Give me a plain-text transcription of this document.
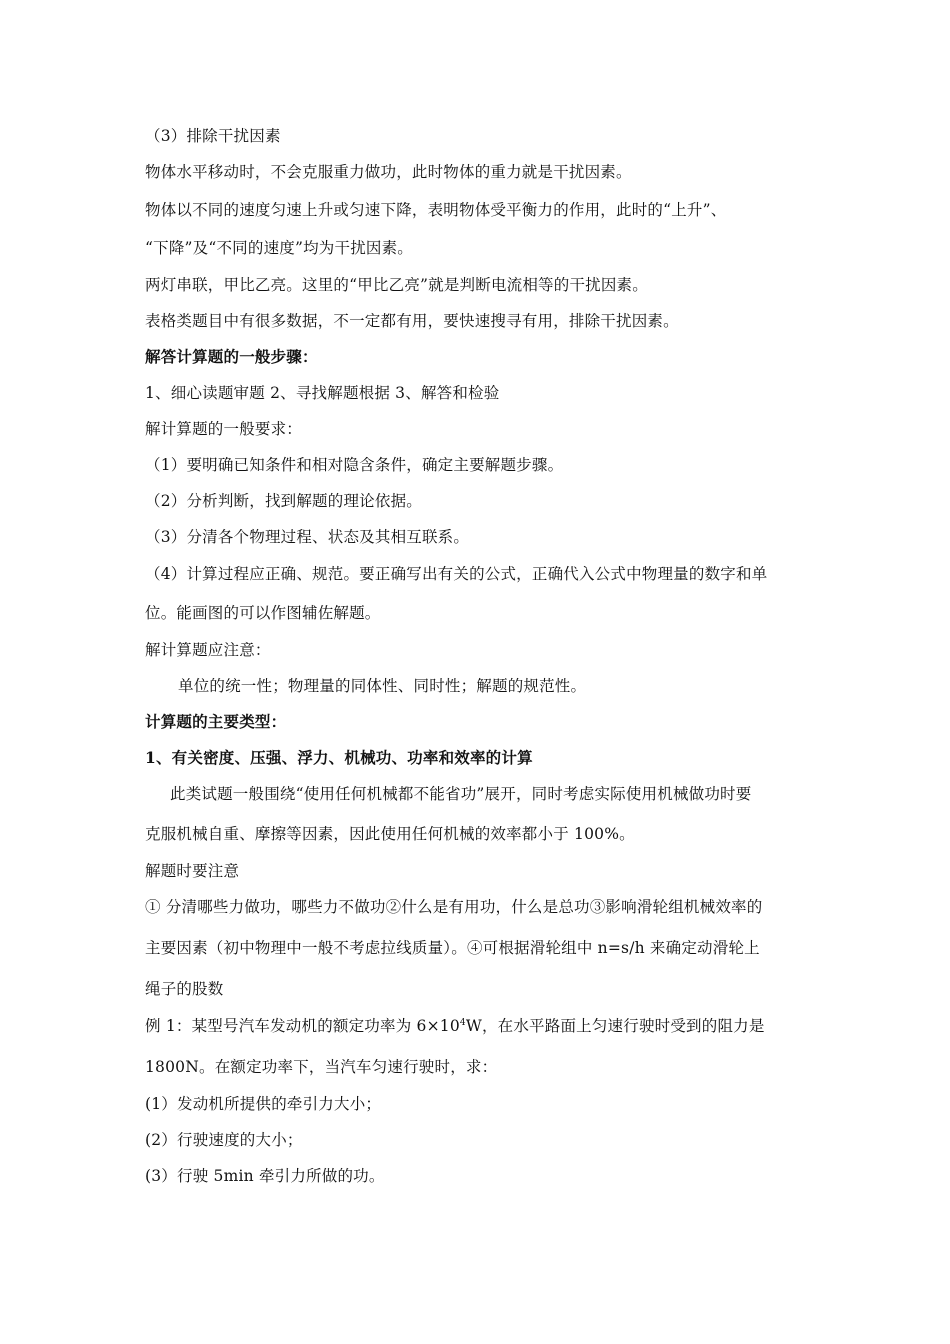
（3）排除干扰因素
物体水平移动时，不会克服重力做功，此时物体的重力就是干扰因素。
物体以不同的速度匀速上升或匀速下降，表明物体受平衡力的作用，此时的“上升”、
“下降”及“不同的速度”均为干扰因素。
两灯串联，甲比乙亮。这里的“甲比乙亮”就是判断电流相等的干扰因素。
表格类题目中有很多数据，不一定都有用，要快速搜寻有用，排除干扰因素。
解答计算题的一般步骤：
1、细心读题审题 2、寻找解题根据 3、解答和检验
解计算题的一般要求：
（1）要明确已知条件和相对隐含条件，确定主要解题步骤。
（2）分析判断，找到解题的理论依据。
（3）分清各个物理过程、状态及其相互联系。
（4）计算过程应正确、规范。要正确写出有关的公式，正确代入公式中物理量的数字和单
位。能画图的可以作图辅佐解题。
解计算题应注意：
单位的统一性；物理量的同体性、同时性；解题的规范性。
计算题的主要类型：
1、有关密度、压强、浮力、机械功、功率和效率的计算
此类试题一般围绕“使用任何机械都不能省功”展开，同时考虑实际使用机械做功时要
克服机械自重、摩擦等因素，因此使用任何机械的效率都小于 100%。
解题时要注意
① 分清哪些力做功，哪些力不做功②什么是有用功，什么是总功③影响滑轮组机械效率的
主要因素（初中物理中一般不考虑拉线质量）。④可根据滑轮组中 n=s/h 来确定动滑轮上
绳子的股数
例 1：某型号汽车发动机的额定功率为 $6\times 10^4W$，在水平路面上匀速行驶时受到的阻力是
1800N。在额定功率下，当汽车匀速行驶时，求：
(1）发动机所提供的牵引力大小；
(2）行驶速度的大小；
(3）行驶 5min 牵引力所做的功。
